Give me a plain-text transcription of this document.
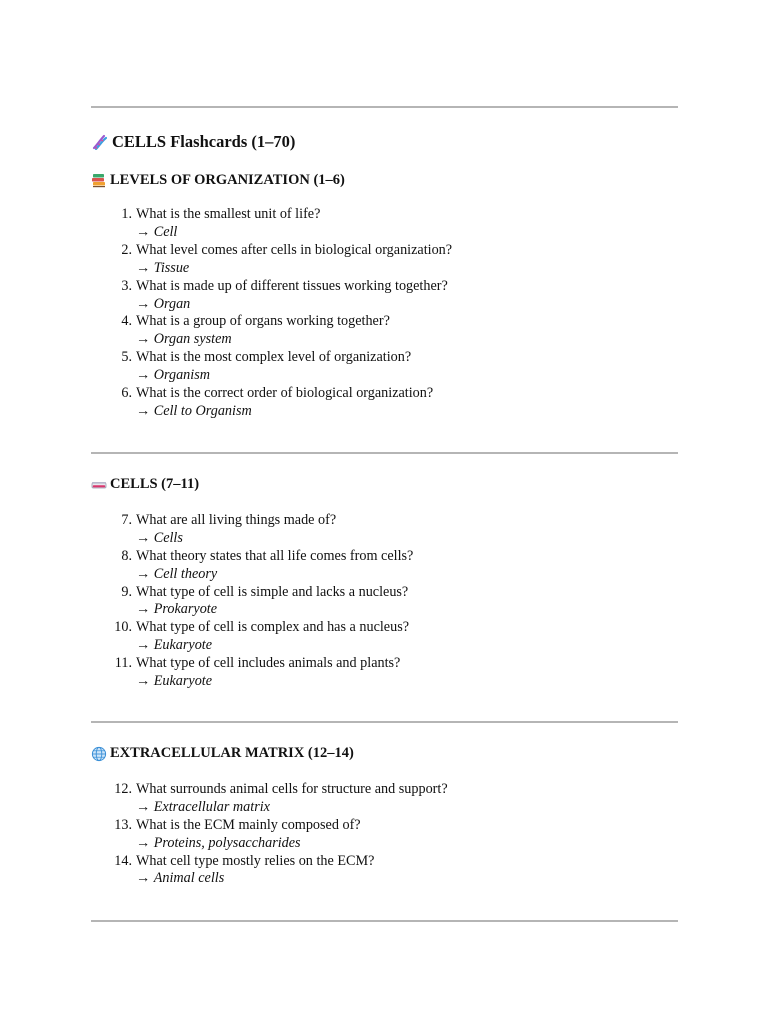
CELLS Flashcards (1–70)
LEVELS OF ORGANIZATION (1–6)
1. What is the smallest unit of life?
→ Cell
2. What level comes after cells in biological organization?
→ Tissue
3. What is made up of different tissues working together?
→ Organ
4. What is a group of organs working together?
→ Organ system
5. What is the most complex level of organization?
→ Organism
6. What is the correct order of biological organization?
→ Cell to Organism
CELLS (7–11)
7. What are all living things made of?
→ Cells
8. What theory states that all life comes from cells?
→ Cell theory
9. What type of cell is simple and lacks a nucleus?
→ Prokaryote
10. What type of cell is complex and has a nucleus?
→ Eukaryote
11. What type of cell includes animals and plants?
→ Eukaryote
EXTRACELLULAR MATRIX (12–14)
12. What surrounds animal cells for structure and support?
→ Extracellular matrix
13. What is the ECM mainly composed of?
→ Proteins, polysaccharides
14. What cell type mostly relies on the ECM?
→ Animal cells
